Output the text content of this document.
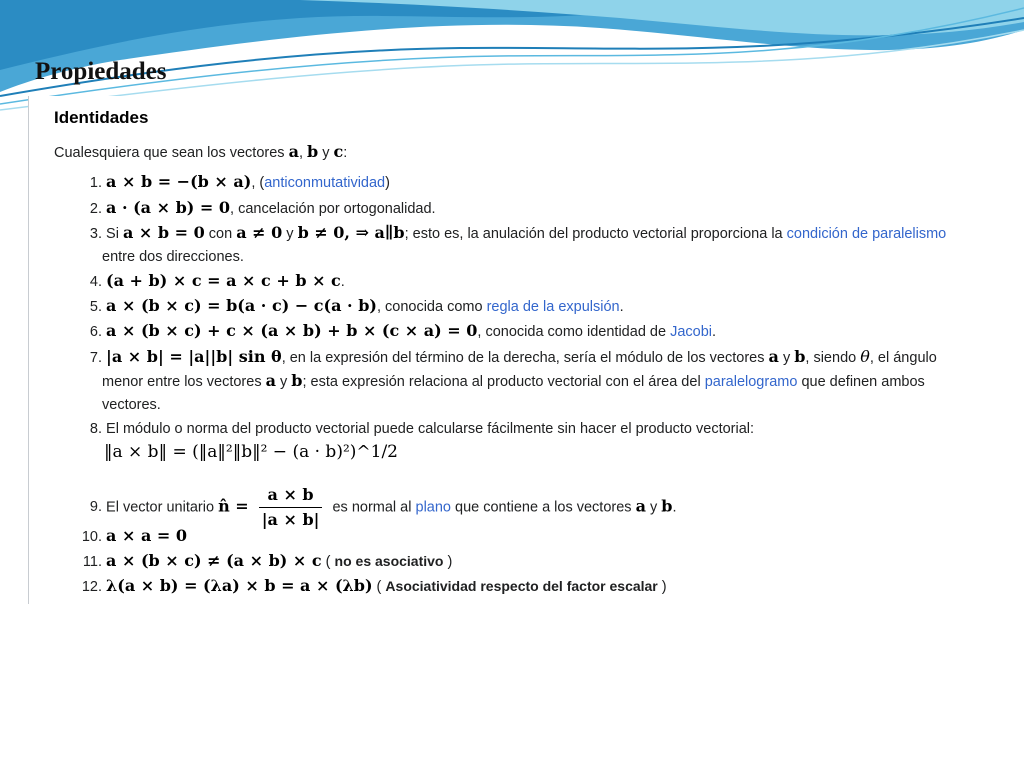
Propiedades
Identidades
Cualesquiera que sean los vectores a, b y c:
1. a × b = −(b × a), (anticonmutatividad)
2. a · (a × b) = 0, cancelación por ortogonalidad.
3. Si a × b = 0 con a ≠ 0 y b ≠ 0, ⇒ a∥b; esto es, la anulación del producto vectorial proporciona la condición de paralelismo
4. (a + b) × c = a × c + b × c.
5. a × (b × c) = b(a · c) − c(a · b), conocida como regla de la expulsión.
6. a × (b × c) + c × (a × b) + b × (c × a) = 0, conocida como identidad de Jacobi.
7. |a × b| = |a||b| sin θ, en la expresión del término de la derecha, sería el módulo de los vectores a y b, siendo θ, el ángulo
8. El módulo o norma del producto vectorial puede calcularse fácilmente sin hacer el producto vectorial:
9. El vector unitario n̂ = $\frac{a \times b}{|a \times b|}$ es normal al plano que contiene a los vectores a y b.
10. a × a = 0
11. a × (b × c) ≠ (a × b) × c ( no es asociativo )
12. λ(a × b) = (λa) × b = a × (λb) ( Asociatividad respecto del factor escalar )
entre dos direcciones.
menor entre los vectores a y b; esta expresión relaciona al producto vectorial con el área del paralelogramo que definen ambos
vectores.
‖a × b‖ = (‖a‖²‖b‖² − (a · b)²)^1/2
